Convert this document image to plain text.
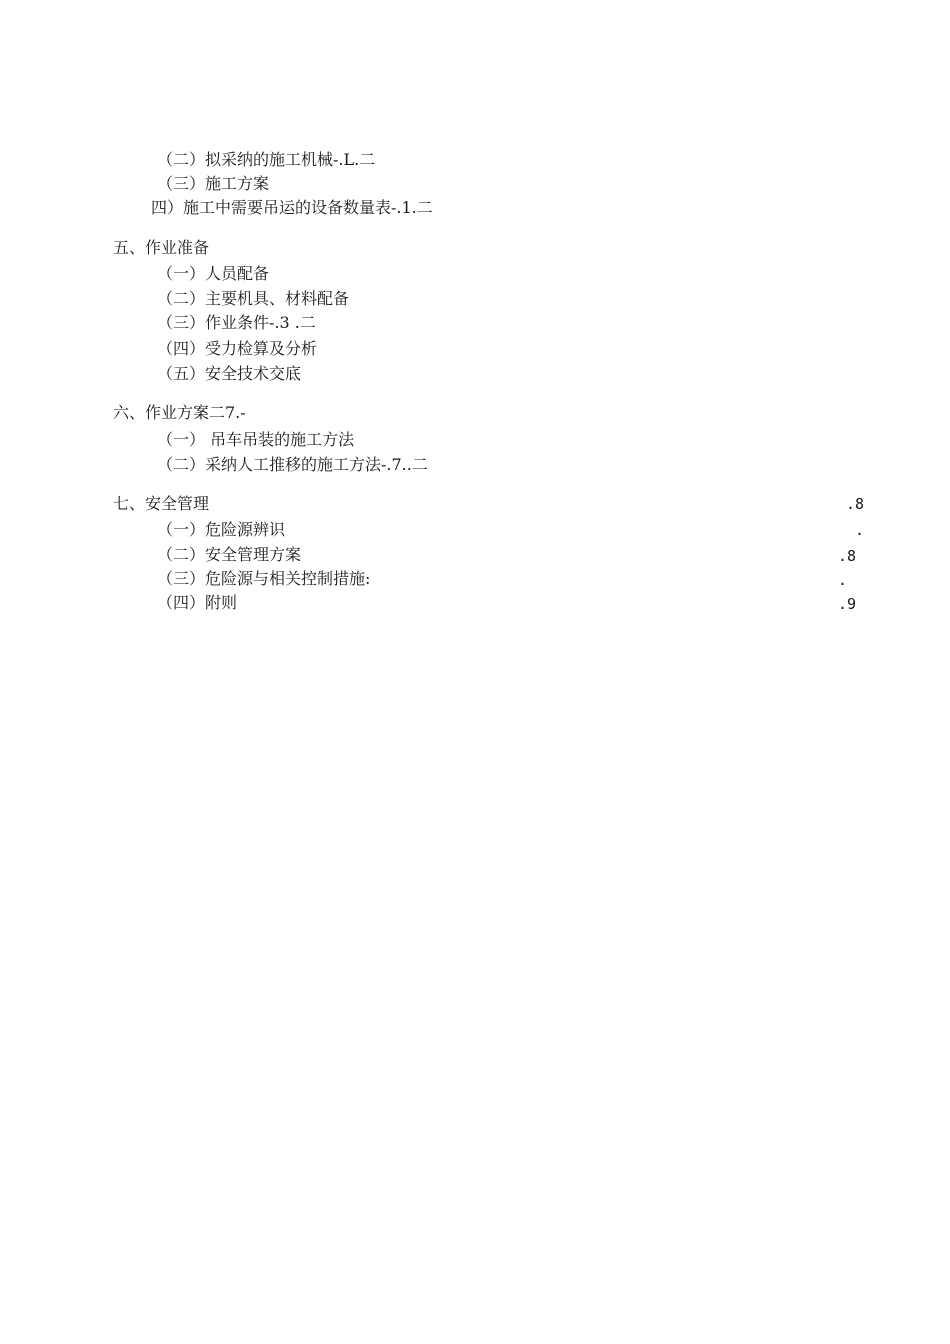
（二）拟采纳的施工机械-.L.二
（三）施工方案
四）施工中需要吊运的设备数量表-.1.二
五、作业准备
（一）人员配备
（二）主要机具、材料配备
（三）作业条件-.3 .二
（四）受力检算及分析
（五）安全技术交底
六、作业方案二7.-
（一） 吊车吊装的施工方法
（二）采纳人工推移的施工方法-.7..二
七、安全管理	.8
（一）危险源辨识	.
（二）安全管理方案	.8
（三）危险源与相关控制措施:	.
（四）附则	.9
